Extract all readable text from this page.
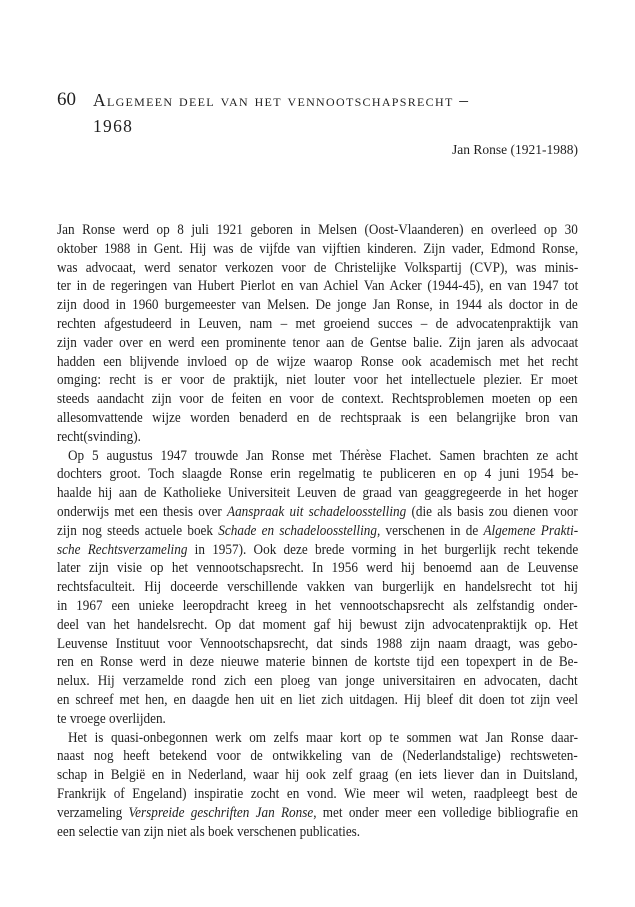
60 Algemeen deel van het vennootschapsrecht –
1968
Jan Ronse (1921-1988)
Jan Ronse werd op 8 juli 1921 geboren in Melsen (Oost-Vlaanderen) en overleed op 30
oktober 1988 in Gent. Hij was de vijfde van vijftien kinderen. Zijn vader, Edmond Ronse,
was advocaat, werd senator verkozen voor de Christelijke Volkspartij (CVP), was minis-
ter in de regeringen van Hubert Pierlot en van Achiel Van Acker (1944-45), en van 1947 tot
zijn dood in 1960 burgemeester van Melsen. De jonge Jan Ronse, in 1944 als doctor in de
rechten afgestudeerd in Leuven, nam – met groeiend succes – de advocatenpraktijk van
zijn vader over en werd een prominente tenor aan de Gentse balie. Zijn jaren als advocaat
hadden een blijvende invloed op de wijze waarop Ronse ook academisch met het recht
omging: recht is er voor de praktijk, niet louter voor het intellectuele plezier. Er moet
steeds aandacht zijn voor de feiten en voor de context. Rechtsproblemen moeten op een
allesomvattende wijze worden benaderd en de rechtspraak is een belangrijke bron van
recht(svinding).
Op 5 augustus 1947 trouwde Jan Ronse met Thérèse Flachet. Samen brachten ze acht
dochters groot. Toch slaagde Ronse erin regelmatig te publiceren en op 4 juni 1954 be-
haalde hij aan de Katholieke Universiteit Leuven de graad van geaggregeerde in het hoger
onderwijs met een thesis over Aanspraak uit schadeloosstelling (die als basis zou dienen voor
zijn nog steeds actuele boek Schade en schadeloosstelling, verschenen in de Algemene Prakti-
sche Rechtsverzameling in 1957). Ook deze brede vorming in het burgerlijk recht tekende
later zijn visie op het vennootschapsrecht. In 1956 werd hij benoemd aan de Leuvense
rechtsfaculteit. Hij doceerde verschillende vakken van burgerlijk en handelsrecht tot hij
in 1967 een unieke leeropdracht kreeg in het vennootschapsrecht als zelfstandig onder-
deel van het handelsrecht. Op dat moment gaf hij bewust zijn advocatenpraktijk op. Het
Leuvense Instituut voor Vennootschapsrecht, dat sinds 1988 zijn naam draagt, was gebo-
ren en Ronse werd in deze nieuwe materie binnen de kortste tijd een topexpert in de Be-
nelux. Hij verzamelde rond zich een ploeg van jonge universitairen en advocaten, dacht
en schreef met hen, en daagde hen uit en liet zich uitdagen. Hij bleef dit doen tot zijn veel
te vroege overlijden.
Het is quasi-onbegonnen werk om zelfs maar kort op te sommen wat Jan Ronse daar-
naast nog heeft betekend voor de ontwikkeling van de (Nederlandstalige) rechtsweten-
schap in België en in Nederland, waar hij ook zelf graag (en iets liever dan in Duitsland,
Frankrijk of Engeland) inspiratie zocht en vond. Wie meer wil weten, raadpleegt best de
verzameling Verspreide geschriften Jan Ronse, met onder meer een volledige bibliografie en
een selectie van zijn niet als boek verschenen publicaties.
